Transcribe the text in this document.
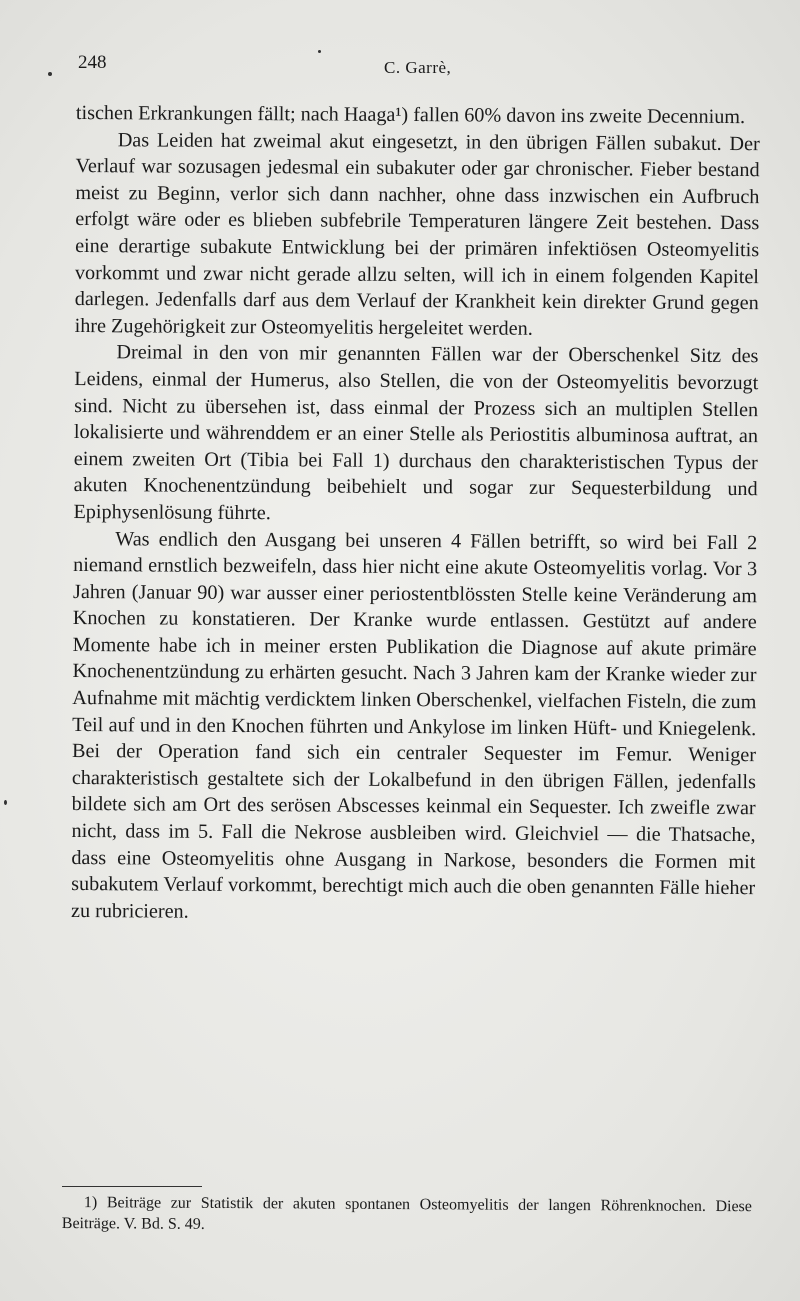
248	C. Garrè,

tischen Erkrankungen fällt; nach Haaga¹) fallen 60% davon ins zweite Decennium.

Das Leiden hat zweimal akut eingesetzt, in den übrigen Fällen subakut. Der Verlauf war sozusagen jedesmal ein subakuter oder gar chronischer. Fieber bestand meist zu Beginn, verlor sich dann nachher, ohne dass inzwischen ein Aufbruch erfolgt wäre oder es blieben subfebrile Temperaturen längere Zeit bestehen. Dass eine derartige subakute Entwicklung bei der primären infektiösen Osteomyelitis vorkommt und zwar nicht gerade allzu selten, will ich in einem folgenden Kapitel darlegen. Jedenfalls darf aus dem Verlauf der Krankheit kein direkter Grund gegen ihre Zugehörigkeit zur Osteomyelitis hergeleitet werden.

Dreimal in den von mir genannten Fällen war der Oberschenkel Sitz des Leidens, einmal der Humerus, also Stellen, die von der Osteomyelitis bevorzugt sind. Nicht zu übersehen ist, dass einmal der Prozess sich an multiplen Stellen lokalisierte und währenddem er an einer Stelle als Periostitis albuminosa auftrat, an einem zweiten Ort (Tibia bei Fall 1) durchaus den charakteristischen Typus der akuten Knochenentzündung beibehielt und sogar zur Sequesterbildung und Epiphysenlösung führte.

Was endlich den Ausgang bei unseren 4 Fällen betrifft, so wird bei Fall 2 niemand ernstlich bezweifeln, dass hier nicht eine akute Osteomyelitis vorlag. Vor 3 Jahren (Januar 90) war ausser einer periostentblössten Stelle keine Veränderung am Knochen zu konstatieren. Der Kranke wurde entlassen. Gestützt auf andere Momente habe ich in meiner ersten Publikation die Diagnose auf akute primäre Knochenentzündung zu erhärten gesucht. Nach 3 Jahren kam der Kranke wieder zur Aufnahme mit mächtig verdicktem linken Oberschenkel, vielfachen Fisteln, die zum Teil auf und in den Knochen führten und Ankylose im linken Hüft- und Kniegelenk. Bei der Operation fand sich ein centraler Sequester im Femur. Weniger charakteristisch gestaltete sich der Lokalbefund in den übrigen Fällen, jedenfalls bildete sich am Ort des serösen Abscesses keinmal ein Sequester. Ich zweifle zwar nicht, dass im 5. Fall die Nekrose ausbleiben wird. Gleichviel — die Thatsache, dass eine Osteomyelitis ohne Ausgang in Narkose, besonders die Formen mit subakutem Verlauf vorkommt, berechtigt mich auch die oben genannten Fälle hieher zu rubricieren.

1) Beiträge zur Statistik der akuten spontanen Osteomyelitis der langen Röhrenknochen. Diese Beiträge. V. Bd. S. 49.
